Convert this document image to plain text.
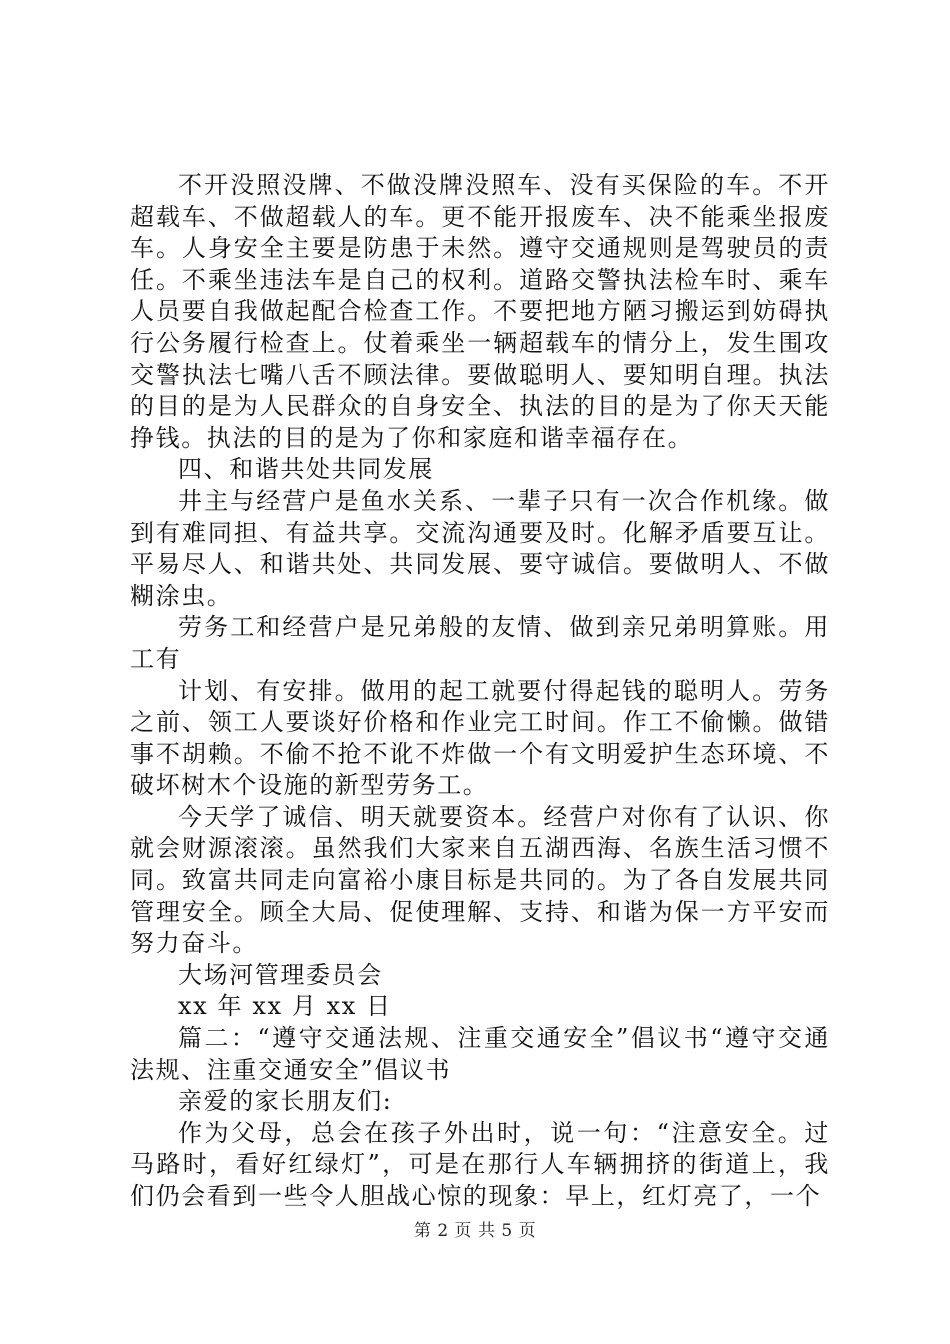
不开没照没牌、不做没牌没照车、没有买保险的车。不开超载车、不做超载人的车。更不能开报废车、决不能乘坐报废车。人身安全主要是防患于未然。遵守交通规则是驾驶员的责任。不乘坐违法车是自己的权利。道路交警执法检车时、乘车人员要自我做起配合检查工作。不要把地方陋习搬运到妨碍执行公务履行检查上。仗着乘坐一辆超载车的情分上，发生围攻交警执法七嘴八舌不顾法律。要做聪明人、要知明自理。执法的目的是为人民群众的自身安全、执法的目的是为了你天天能挣钱。执法的目的是为了你和家庭和谐幸福存在。

四、和谐共处共同发展

井主与经营户是鱼水关系、一辈子只有一次合作机缘。做到有难同担、有益共享。交流沟通要及时。化解矛盾要互让。平易尽人、和谐共处、共同发展、要守诚信。要做明人、不做糊涂虫。

劳务工和经营户是兄弟般的友情、做到亲兄弟明算账。用工有

计划、有安排。做用的起工就要付得起钱的聪明人。劳务之前、领工人要谈好价格和作业完工时间。作工不偷懒。做错事不胡赖。不偷不抢不讹不炸做一个有文明爱护生态环境、不破坏树木个设施的新型劳务工。

今天学了诚信、明天就要资本。经营户对你有了认识、你就会财源滚滚。虽然我们大家来自五湖西海、名族生活习惯不同。致富共同走向富裕小康目标是共同的。为了各自发展共同管理安全。顾全大局、促使理解、支持、和谐为保一方平安而努力奋斗。

大场河管理委员会

xx 年 xx 月 xx 日

篇二：“遵守交通法规、注重交通安全”倡议书“遵守交通法规、注重交通安全”倡议书

亲爱的家长朋友们:

作为父母，总会在孩子外出时，说一句：“注意安全。过马路时，看好红绿灯”，可是在那行人车辆拥挤的街道上，我们仍会看到一些令人胆战心惊的现象：早上，红灯亮了，一个

第 2 页 共 5 页
